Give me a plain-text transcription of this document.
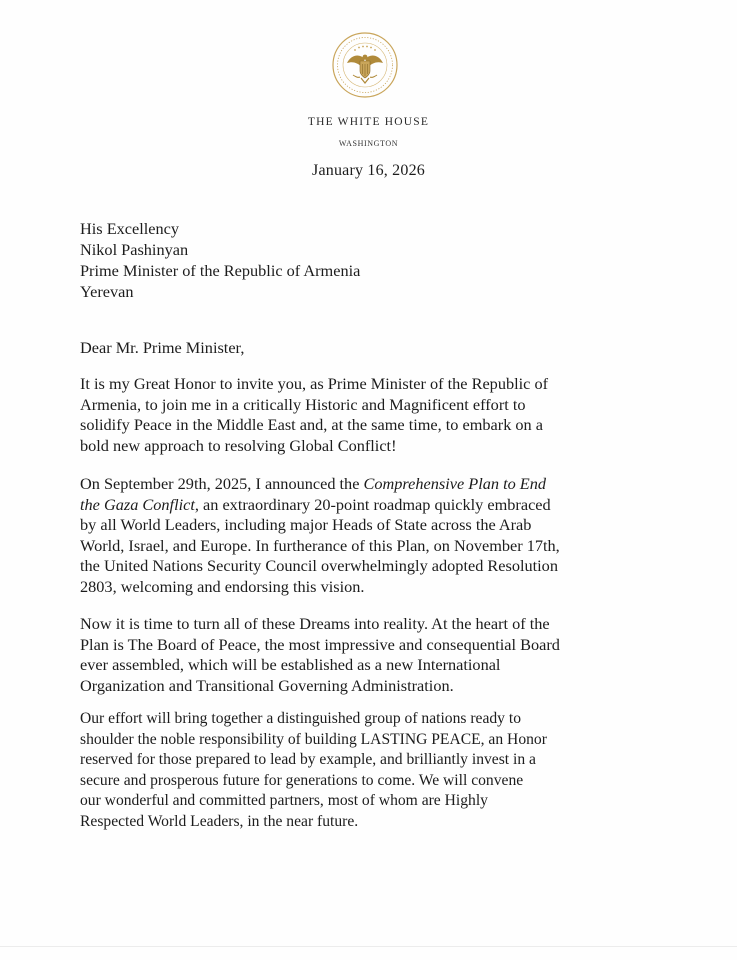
THE WHITE HOUSE
WASHINGTON
January 16, 2026
His Excellency
Nikol Pashinyan
Prime Minister of the Republic of Armenia
Yerevan
Dear Mr. Prime Minister,
It is my Great Honor to invite you, as Prime Minister of the Republic of
Armenia, to join me in a critically Historic and Magnificent effort to
solidify Peace in the Middle East and, at the same time, to embark on a
bold new approach to resolving Global Conflict!
On September 29th, 2025, I announced the Comprehensive Plan to End
the Gaza Conflict, an extraordinary 20-point roadmap quickly embraced
by all World Leaders, including major Heads of State across the Arab
World, Israel, and Europe. In furtherance of this Plan, on November 17th,
the United Nations Security Council overwhelmingly adopted Resolution
2803, welcoming and endorsing this vision.
Now it is time to turn all of these Dreams into reality. At the heart of the
Plan is The Board of Peace, the most impressive and consequential Board
ever assembled, which will be established as a new International
Organization and Transitional Governing Administration.
Our effort will bring together a distinguished group of nations ready to
shoulder the noble responsibility of building LASTING PEACE, an Honor
reserved for those prepared to lead by example, and brilliantly invest in a
secure and prosperous future for generations to come. We will convene
our wonderful and committed partners, most of whom are Highly
Respected World Leaders, in the near future.
